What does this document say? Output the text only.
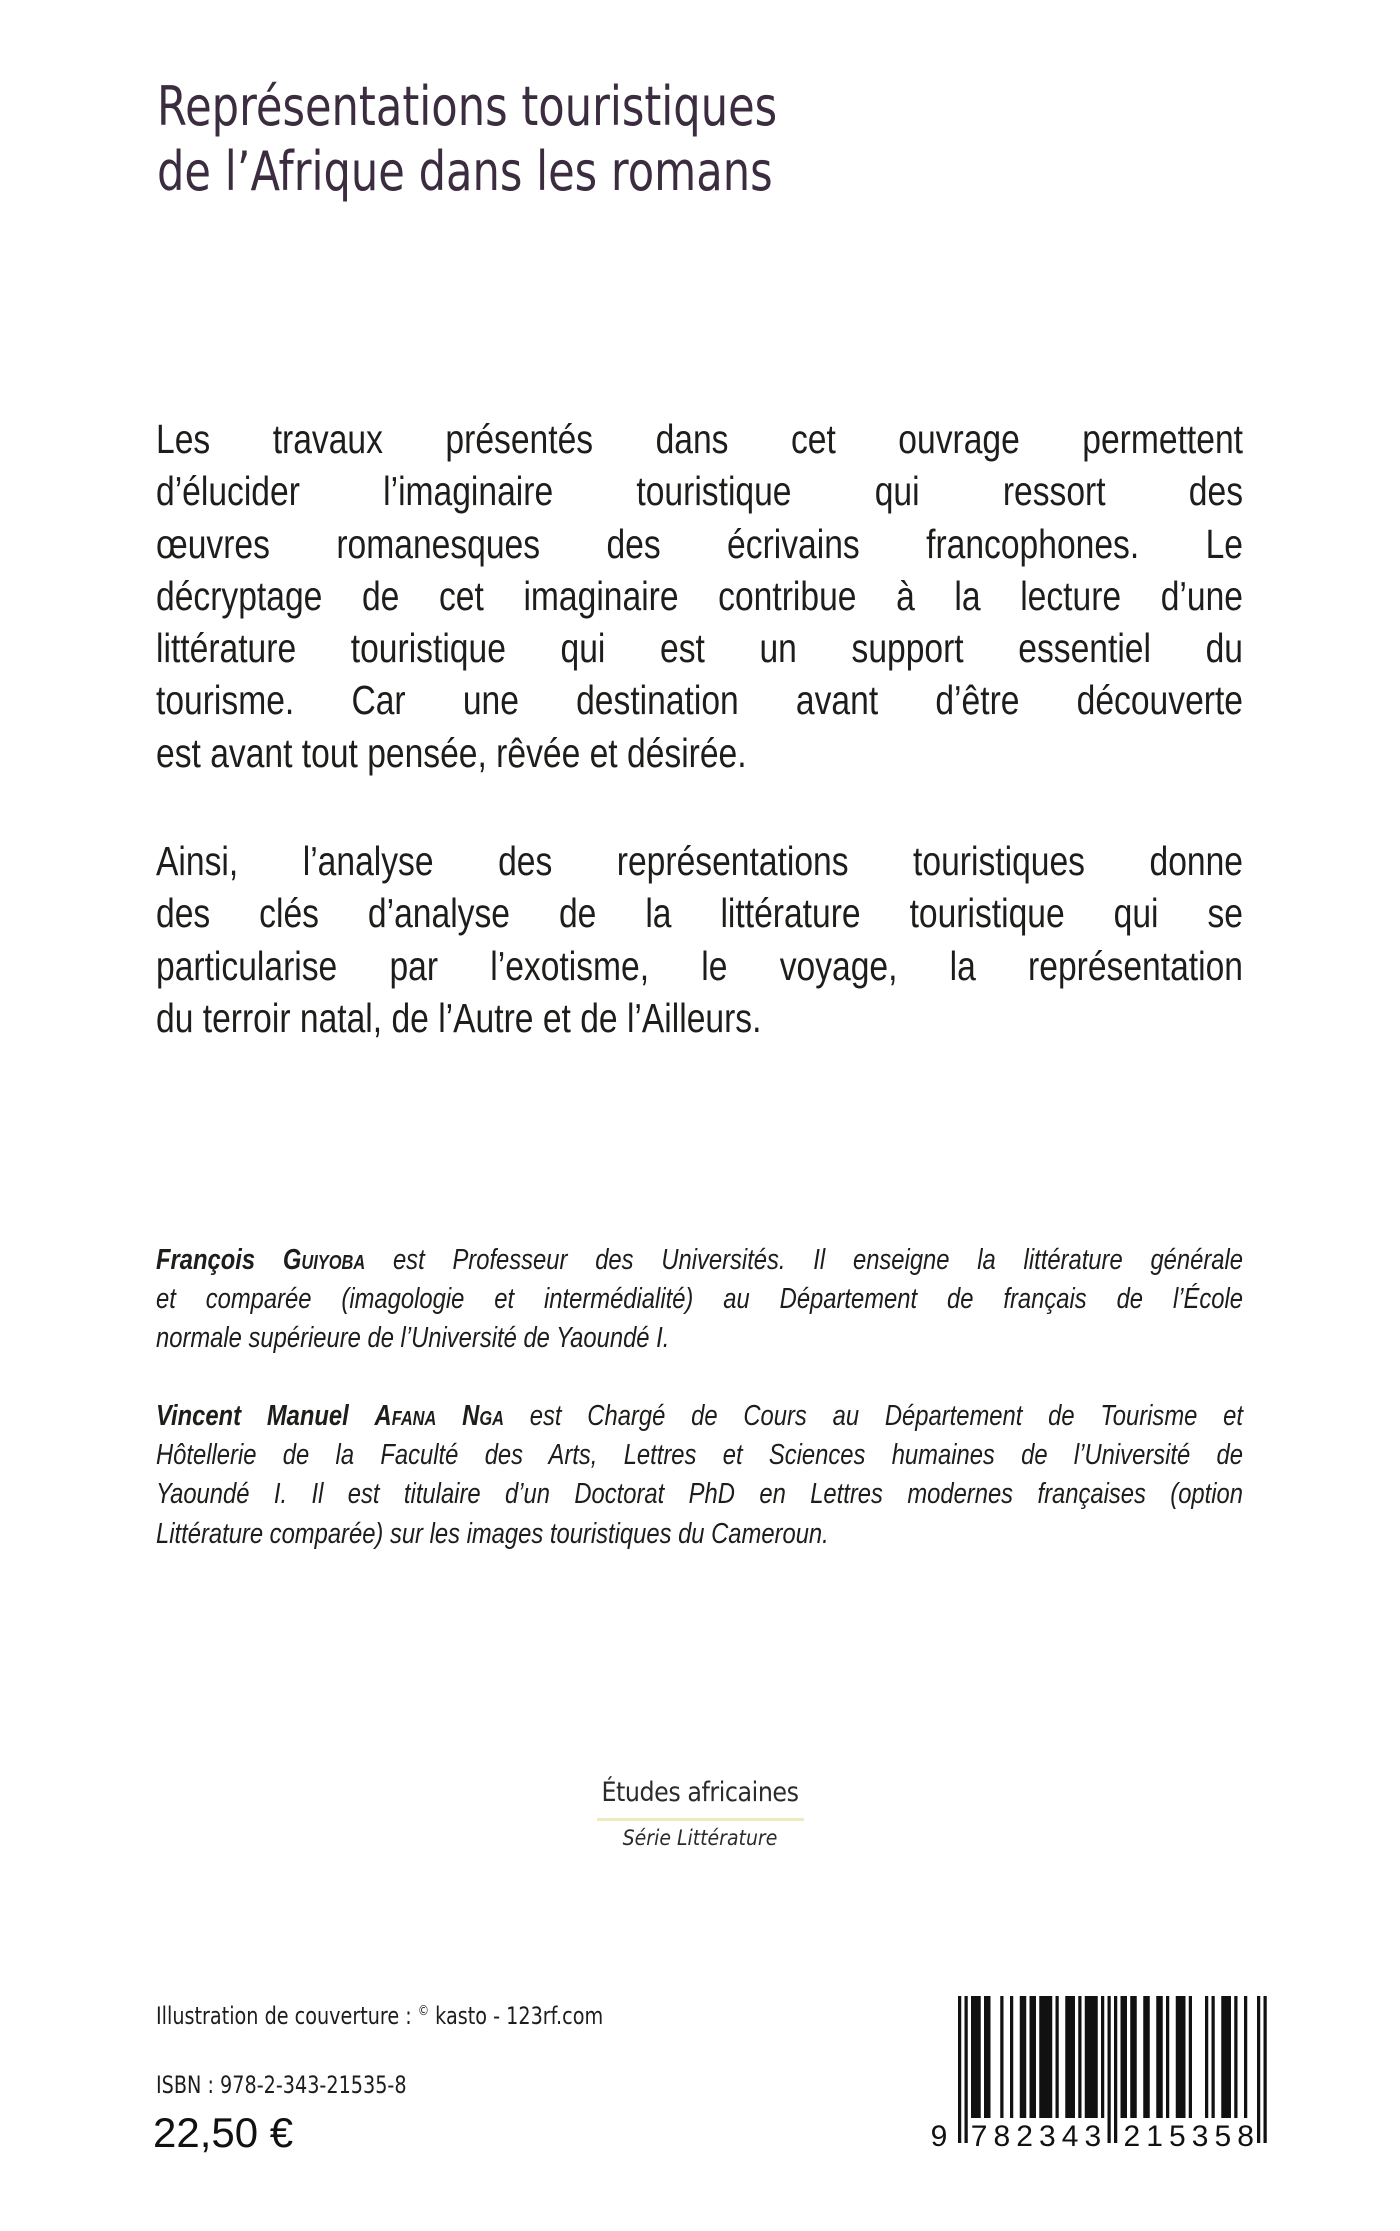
Représentations touristiques
de l’Afrique dans les romans

Les travaux présentés dans cet ouvrage permettent
d’élucider l’imaginaire touristique qui ressort des
œuvres romanesques des écrivains francophones. Le
décryptage de cet imaginaire contribue à la lecture d’une
littérature touristique qui est un support essentiel du
tourisme. Car une destination avant d’être découverte
est avant tout pensée, rêvée et désirée.

Ainsi, l’analyse des représentations touristiques donne
des clés d’analyse de la littérature touristique qui se
particularise par l’exotisme, le voyage, la représentation
du terroir natal, de l’Autre et de l’Ailleurs.

François Guiyoba est Professeur des Universités. Il enseigne la littérature générale
et comparée (imagologie et intermédialité) au Département de français de l’École
normale supérieure de l’Université de Yaoundé I.

Vincent Manuel Afana Nga est Chargé de Cours au Département de Tourisme et
Hôtellerie de la Faculté des Arts, Lettres et Sciences humaines de l’Université de
Yaoundé I. Il est titulaire d’un Doctorat PhD en Lettres modernes françaises (option
Littérature comparée) sur les images touristiques du Cameroun.

Études africaines
Série Littérature
Illustration de couverture : © kasto - 123rf.com
ISBN : 978-2-343-21535-8
22,50 €	9 7 8 2 3 4 3 2 1 5 3 5 8
